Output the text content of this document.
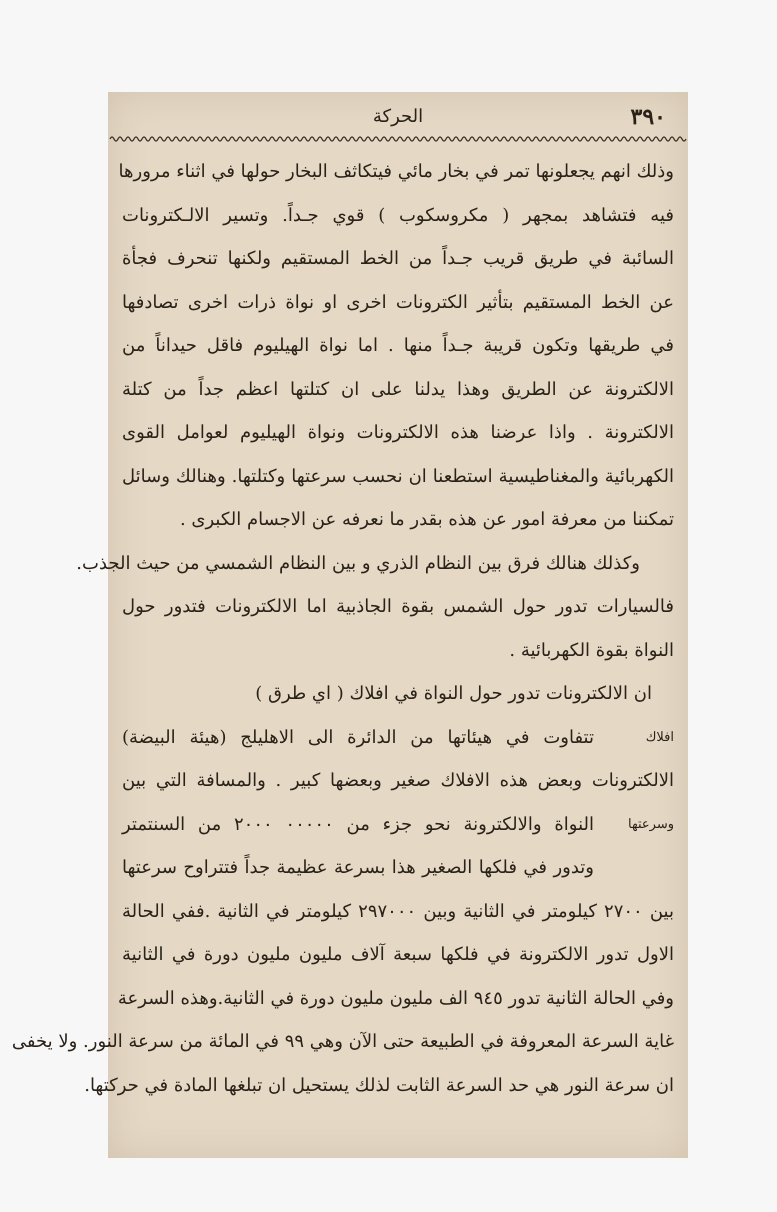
٣٩٠
الحركة
وذلك انهم يجعلونها تمر في بخار مائي فيتكاثف البخار حولها في اثناء مرورها
فيه فتشاهد بمجهر ( مكروسكوب ) قوي جـداً. وتسير الالـكترونات
السائبة في طريق قريب جـداً من الخط المستقيم ولكنها تنحرف فجأة
عن الخط المستقيم بتأثير الكترونات اخرى او نواة ذرات اخرى تصادفها
في طريقها وتكون قريبة جـداً منها . اما نواة الهيليوم فاقل حيداناً من
الالكترونة عن الطريق وهذا يدلنا على ان كتلتها اعظم جداً من كتلة
الالكترونة . واذا عرضنا هذه الالكترونات ونواة الهيليوم لعوامل القوى
الكهربائية والمغناطيسية استطعنا ان نحسب سرعتها وكتلتها. وهنالك وسائل
تمكننا من معرفة امور عن هذه بقدر ما نعرفه عن الاجسام الكبرى .
وكذلك هنالك فرق بين النظام الذري و بين النظام الشمسي من حيث الجذب.
فالسيارات تدور حول الشمس بقوة الجاذبية اما الالكترونات فتدور حول
النواة بقوة الكهربائية .
ان الالكترونات تدور حول النواة في افلاك ( اي طرق )
افلاك
تتفاوت في هيئاتها من الدائرة الى الاهليلج (هيئة البيضة)
الالكترونات وبعض هذه الافلاك صغير وبعضها كبير . والمسافة التي بين
وسرعتها
النواة والالكترونة نحو جزء من ٠٠٠٠٠ ٢٠٠٠ من السنتمتر
وتدور في فلكها الصغير هذا بسرعة عظيمة جداً فتتراوح سرعتها
بين ٢٧٠٠ كيلومتر في الثانية وبين ٢٩٧٠٠٠ كيلومتر في الثانية .ففي الحالة
الاول تدور الالكترونة في فلكها سبعة آلاف مليون مليون دورة في الثانية
وفي الحالة الثانية تدور ٩٤٥ الف مليون مليون دورة في الثانية.وهذه السرعة
غاية السرعة المعروفة في الطبيعة حتى الآن وهي ٩٩ في المائة من سرعة النور. ولا يخفى
ان سرعة النور هي حد السرعة الثابت لذلك يستحيل ان تبلغها المادة في حركتها.
